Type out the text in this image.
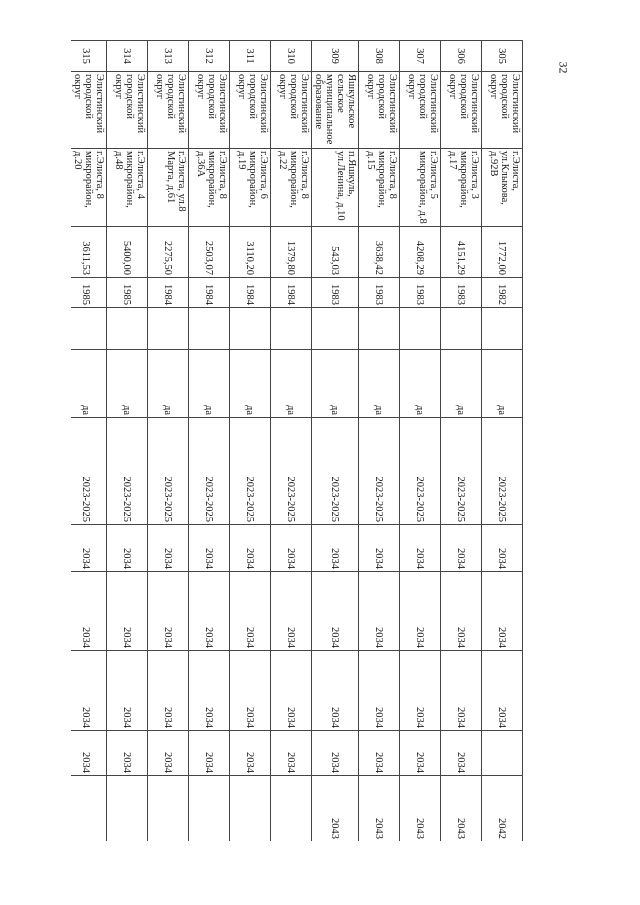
32
305	Элистинский городской округ	г.Элиста, ул.Клыкова, д.92В	1772,00	1982		да	2023-2025		2034	2034	2034		2042
306	Элистинский городской округ	г.Элиста, 3 микрорайон, д.17	4151,29	1983		да	2023-2025		2034	2034	2034	2034	2043
307	Элистинский городской округ	г.Элиста, 5 микрорайон, д.8	4208,29	1983		да	2023-2025		2034	2034	2034	2034	2043
308	Элистинский городской округ	г.Элиста, 8 микрорайон, д.15	3638,42	1983		да	2023-2025		2034	2034	2034	2034	2043
309	Яшкульское сельское муниципальное образование	п.Яшкуль, ул.Ленина, д.10	543,03	1983		да	2023-2025		2034	2034	2034	2034	2043
310	Элистинский городской округ	г.Элиста, 8 микрорайон, д.22	1379,80	1984		да	2023-2025		2034	2034	2034	2034	
311	Элистинский городской округ	г.Элиста, 6 микрорайон, д.19	3110,20	1984		да	2023-2025		2034	2034	2034	2034	
312	Элистинский городской округ	г.Элиста, 8 микрорайон, д.36А	2503,07	1984		да	2023-2025		2034	2034	2034	2034	
313	Элистинский городской округ	г.Элиста, ул.8 Марта, д.61	2275,50	1984		да	2023-2025		2034	2034	2034	2034	
314	Элистинский городской округ	г.Элиста, 4 микрорайон, д.48	5400,00	1985		да	2023-2025		2034	2034	2034	2034	
315	Элистинский городской округ	г.Элиста, 8 микрорайон, д.20	3611,53	1985		да	2023-2025		2034	2034	2034	2034	
